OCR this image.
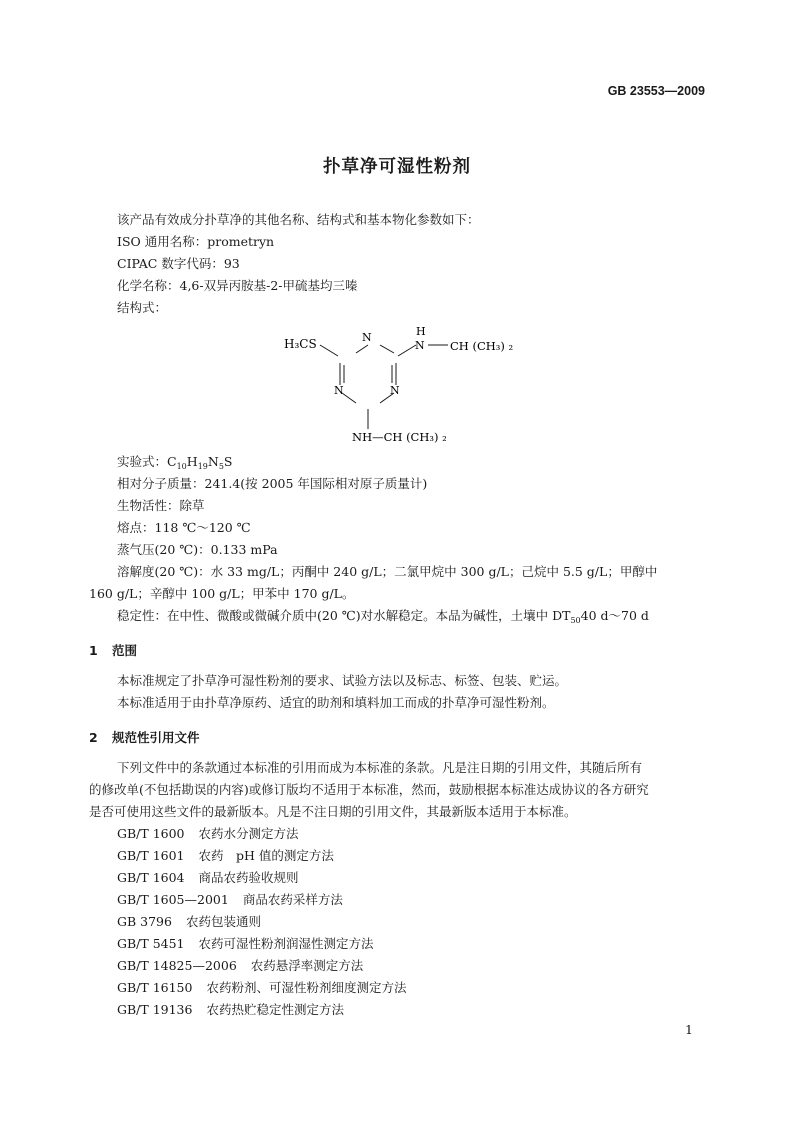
GB 23553—2009
扑草净可湿性粉剂
该产品有效成分扑草净的其他名称、结构式和基本物化参数如下：
ISO 通用名称：prometryn
CIPAC 数字代码：93
化学名称：4,6-双异丙胺基-2-甲硫基均三嗪
结构式：
H₃CS	N
N	N
H
N CH (CH₃) ₂
NH—CH (CH₃) ₂
实验式：$C_{10}H_{19}N_5S$
相对分子质量：241.4(按 2005 年国际相对原子质量计)
生物活性：除草
熔点：118 ℃～120 ℃
蒸气压(20 ℃)：0.133 mPa
溶解度(20 ℃)：水 33 mg/L；丙酮中 240 g/L；二氯甲烷中 300 g/L；己烷中 5.5 g/L；甲醇中
160 g/L；辛醇中 100 g/L；甲苯中 170 g/L。
稳定性：在中性、微酸或微碱介质中(20 ℃)对水解稳定。本品为碱性，土壤中 $DT_{50}40$ d～70 d
1 范围
本标准规定了扑草净可湿性粉剂的要求、试验方法以及标志、标签、包装、贮运。
本标准适用于由扑草净原药、适宜的助剂和填料加工而成的扑草净可湿性粉剂。
2 规范性引用文件
下列文件中的条款通过本标准的引用而成为本标准的条款。凡是注日期的引用文件，其随后所有
的修改单(不包括勘误的内容)或修订版均不适用于本标准，然而，鼓励根据本标准达成协议的各方研究
是否可使用这些文件的最新版本。凡是不注日期的引用文件，其最新版本适用于本标准。
GB/T 1600 农药水分测定方法
GB/T 1601 农药　pH 值的测定方法
GB/T 1604 商品农药验收规则
GB/T 1605—2001 商品农药采样方法
GB 3796 农药包装通则
GB/T 5451 农药可湿性粉剂润湿性测定方法
GB/T 14825—2006 农药悬浮率测定方法
GB/T 16150 农药粉剂、可湿性粉剂细度测定方法
GB/T 19136 农药热贮稳定性测定方法
1
